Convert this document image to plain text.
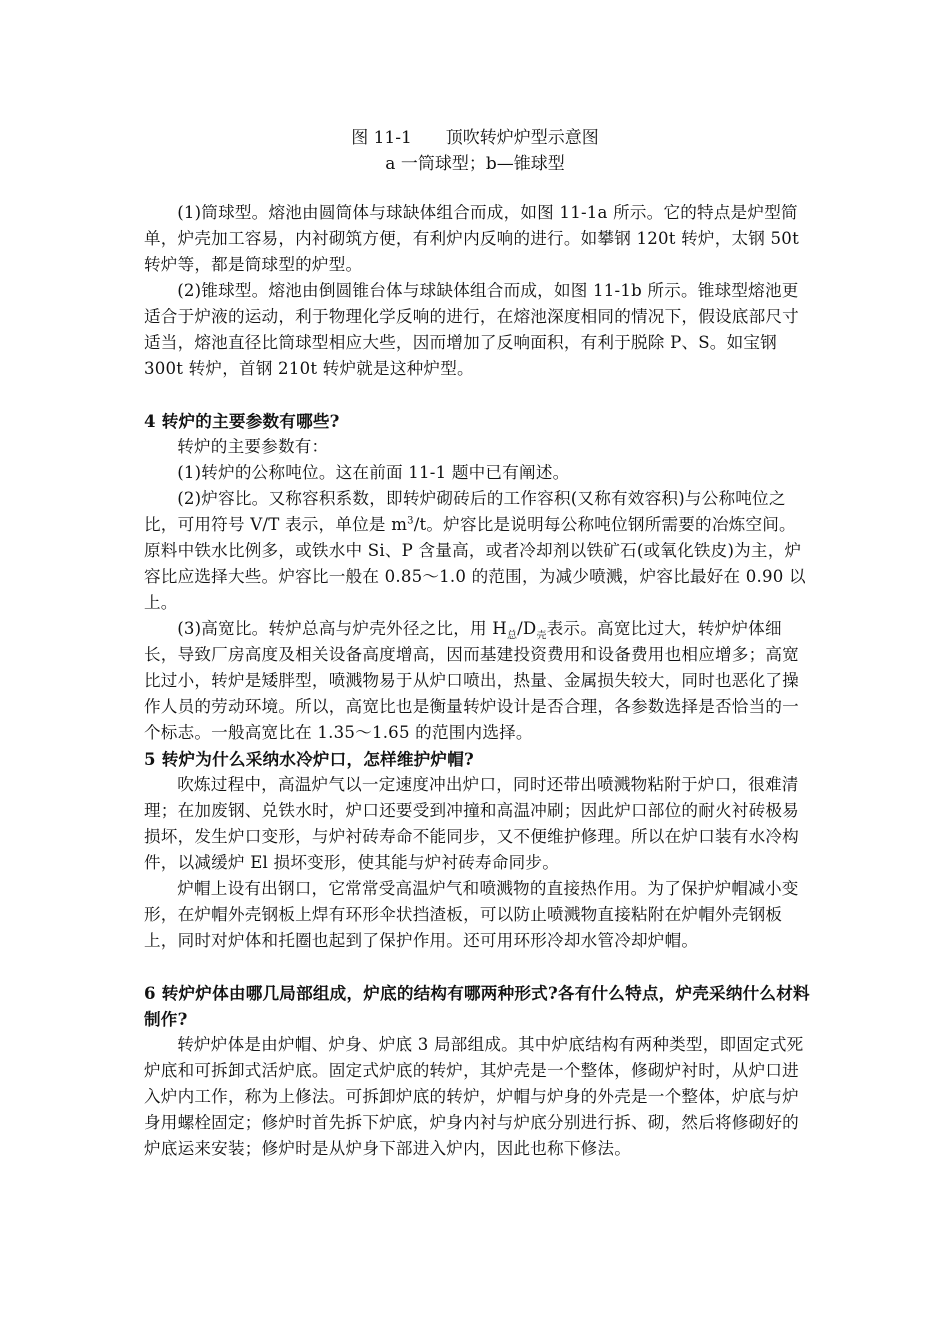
图 11-1　　顶吹转炉炉型示意图
a 一筒球型；b—锥球型

(1)筒球型。熔池由圆筒体与球缺体组合而成，如图 11-1a 所示。它的特点是炉型简单，炉壳加工容易，内衬砌筑方便，有利炉内反响的进行。如攀钢 120t 转炉，太钢 50t 转炉等，都是筒球型的炉型。

(2)锥球型。熔池由倒圆锥台体与球缺体组合而成，如图 11-1b 所示。锥球型熔池更适合于炉液的运动，利于物理化学反响的进行，在熔池深度相同的情况下，假设底部尺寸适当，熔池直径比筒球型相应大些，因而增加了反响面积，有利于脱除 P、S。如宝钢 300t 转炉，首钢 210t 转炉就是这种炉型。

4 转炉的主要参数有哪些?

转炉的主要参数有：

(1)转炉的公称吨位。这在前面 11-1 题中已有阐述。

(2)炉容比。又称容积系数，即转炉砌砖后的工作容积(又称有效容积)与公称吨位之比，可用符号 V/T 表示，单位是 $m^3/t$。炉容比是说明每公称吨位钢所需要的冶炼空间。原料中铁水比例多，或铁水中 Si、P 含量高，或者冷却剂以铁矿石(或氧化铁皮)为主，炉容比应选择大些。炉容比一般在 0.85～1.0 的范围，为减少喷溅，炉容比最好在 0.90 以上。

(3)高宽比。转炉总高与炉壳外径之比，用 $H_总/D_壳$表示。高宽比过大，转炉炉体细长，导致厂房高度及相关设备高度增高，因而基建投资费用和设备费用也相应增多；高宽比过小，转炉是矮胖型，喷溅物易于从炉口喷出，热量、金属损失较大，同时也恶化了操作人员的劳动环境。所以，高宽比也是衡量转炉设计是否合理，各参数选择是否恰当的一个标志。一般高宽比在 1.35～1.65 的范围内选择。

5 转炉为什么采纳水冷炉口，怎样维护炉帽?

吹炼过程中，高温炉气以一定速度冲出炉口，同时还带出喷溅物粘附于炉口，很难清理；在加废钢、兑铁水时，炉口还要受到冲撞和高温冲刷；因此炉口部位的耐火衬砖极易损坏，发生炉口变形，与炉衬砖寿命不能同步，又不便维护修理。所以在炉口装有水冷构件，以减缓炉 El 损坏变形，使其能与炉衬砖寿命同步。

炉帽上设有出钢口，它常常受高温炉气和喷溅物的直接热作用。为了保护炉帽减小变形，在炉帽外壳钢板上焊有环形伞状挡渣板，可以防止喷溅物直接粘附在炉帽外壳钢板上，同时对炉体和托圈也起到了保护作用。还可用环形冷却水管冷却炉帽。

6 转炉炉体由哪几局部组成，炉底的结构有哪两种形式?各有什么特点，炉壳采纳什么材料制作?

转炉炉体是由炉帽、炉身、炉底 3 局部组成。其中炉底结构有两种类型，即固定式死炉底和可拆卸式活炉底。固定式炉底的转炉，其炉壳是一个整体，修砌炉衬时，从炉口进入炉内工作，称为上修法。可拆卸炉底的转炉，炉帽与炉身的外壳是一个整体，炉底与炉身用螺栓固定；修炉时首先拆下炉底，炉身内衬与炉底分别进行拆、砌，然后将修砌好的炉底运来安装；修炉时是从炉身下部进入炉内，因此也称下修法。
